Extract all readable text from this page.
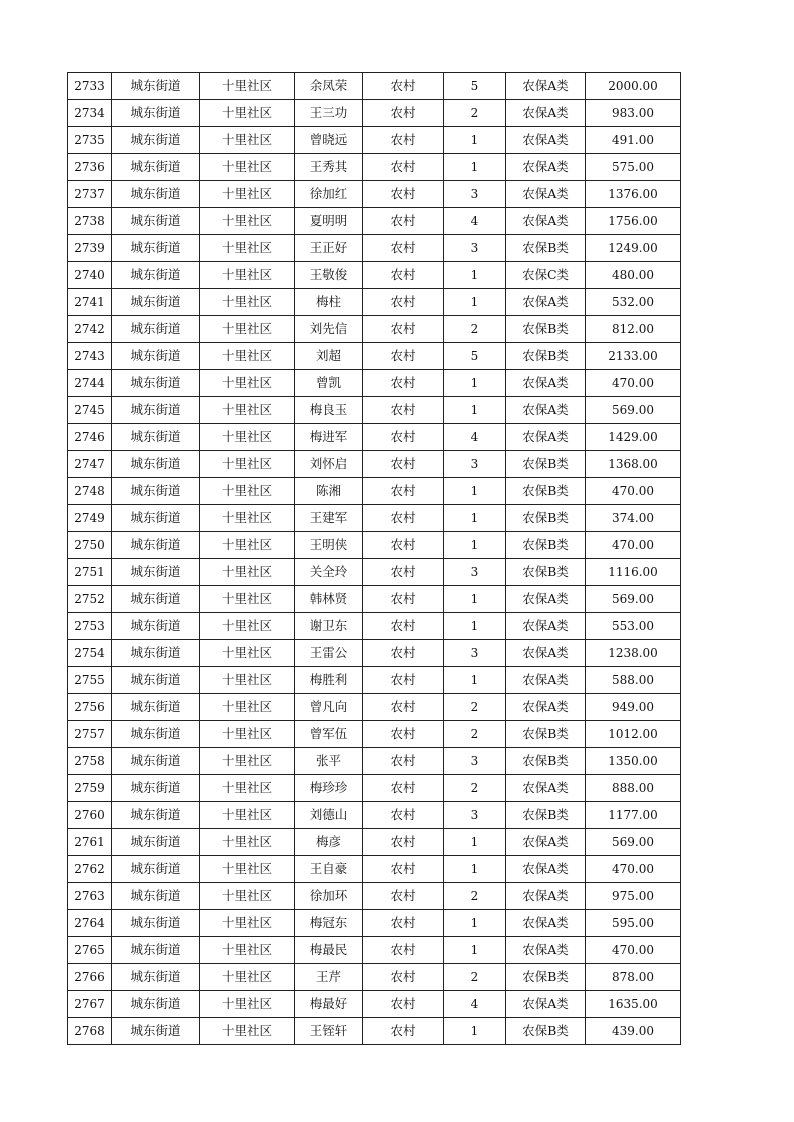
2733	城东街道	十里社区	余凤荣	农村	5	农保A类	2000.00
2734	城东街道	十里社区	王三功	农村	2	农保A类	983.00
2735	城东街道	十里社区	曾晓远	农村	1	农保A类	491.00
2736	城东街道	十里社区	王秀其	农村	1	农保A类	575.00
2737	城东街道	十里社区	徐加红	农村	3	农保A类	1376.00
2738	城东街道	十里社区	夏明明	农村	4	农保A类	1756.00
2739	城东街道	十里社区	王正好	农村	3	农保B类	1249.00
2740	城东街道	十里社区	王敬俊	农村	1	农保C类	480.00
2741	城东街道	十里社区	梅柱	农村	1	农保A类	532.00
2742	城东街道	十里社区	刘先信	农村	2	农保B类	812.00
2743	城东街道	十里社区	刘超	农村	5	农保B类	2133.00
2744	城东街道	十里社区	曾凯	农村	1	农保A类	470.00
2745	城东街道	十里社区	梅良玉	农村	1	农保A类	569.00
2746	城东街道	十里社区	梅进军	农村	4	农保A类	1429.00
2747	城东街道	十里社区	刘怀启	农村	3	农保B类	1368.00
2748	城东街道	十里社区	陈湘	农村	1	农保B类	470.00
2749	城东街道	十里社区	王建军	农村	1	农保B类	374.00
2750	城东街道	十里社区	王明侠	农村	1	农保B类	470.00
2751	城东街道	十里社区	关全玲	农村	3	农保B类	1116.00
2752	城东街道	十里社区	韩林贤	农村	1	农保A类	569.00
2753	城东街道	十里社区	谢卫东	农村	1	农保A类	553.00
2754	城东街道	十里社区	王雷公	农村	3	农保A类	1238.00
2755	城东街道	十里社区	梅胜利	农村	1	农保A类	588.00
2756	城东街道	十里社区	曾凡向	农村	2	农保A类	949.00
2757	城东街道	十里社区	曾军伍	农村	2	农保B类	1012.00
2758	城东街道	十里社区	张平	农村	3	农保B类	1350.00
2759	城东街道	十里社区	梅珍珍	农村	2	农保A类	888.00
2760	城东街道	十里社区	刘德山	农村	3	农保B类	1177.00
2761	城东街道	十里社区	梅彦	农村	1	农保A类	569.00
2762	城东街道	十里社区	王自豪	农村	1	农保A类	470.00
2763	城东街道	十里社区	徐加环	农村	2	农保A类	975.00
2764	城东街道	十里社区	梅冠东	农村	1	农保A类	595.00
2765	城东街道	十里社区	梅最民	农村	1	农保A类	470.00
2766	城东街道	十里社区	王芹	农村	2	农保B类	878.00
2767	城东街道	十里社区	梅最好	农村	4	农保A类	1635.00
2768	城东街道	十里社区	王铚轩	农村	1	农保B类	439.00
